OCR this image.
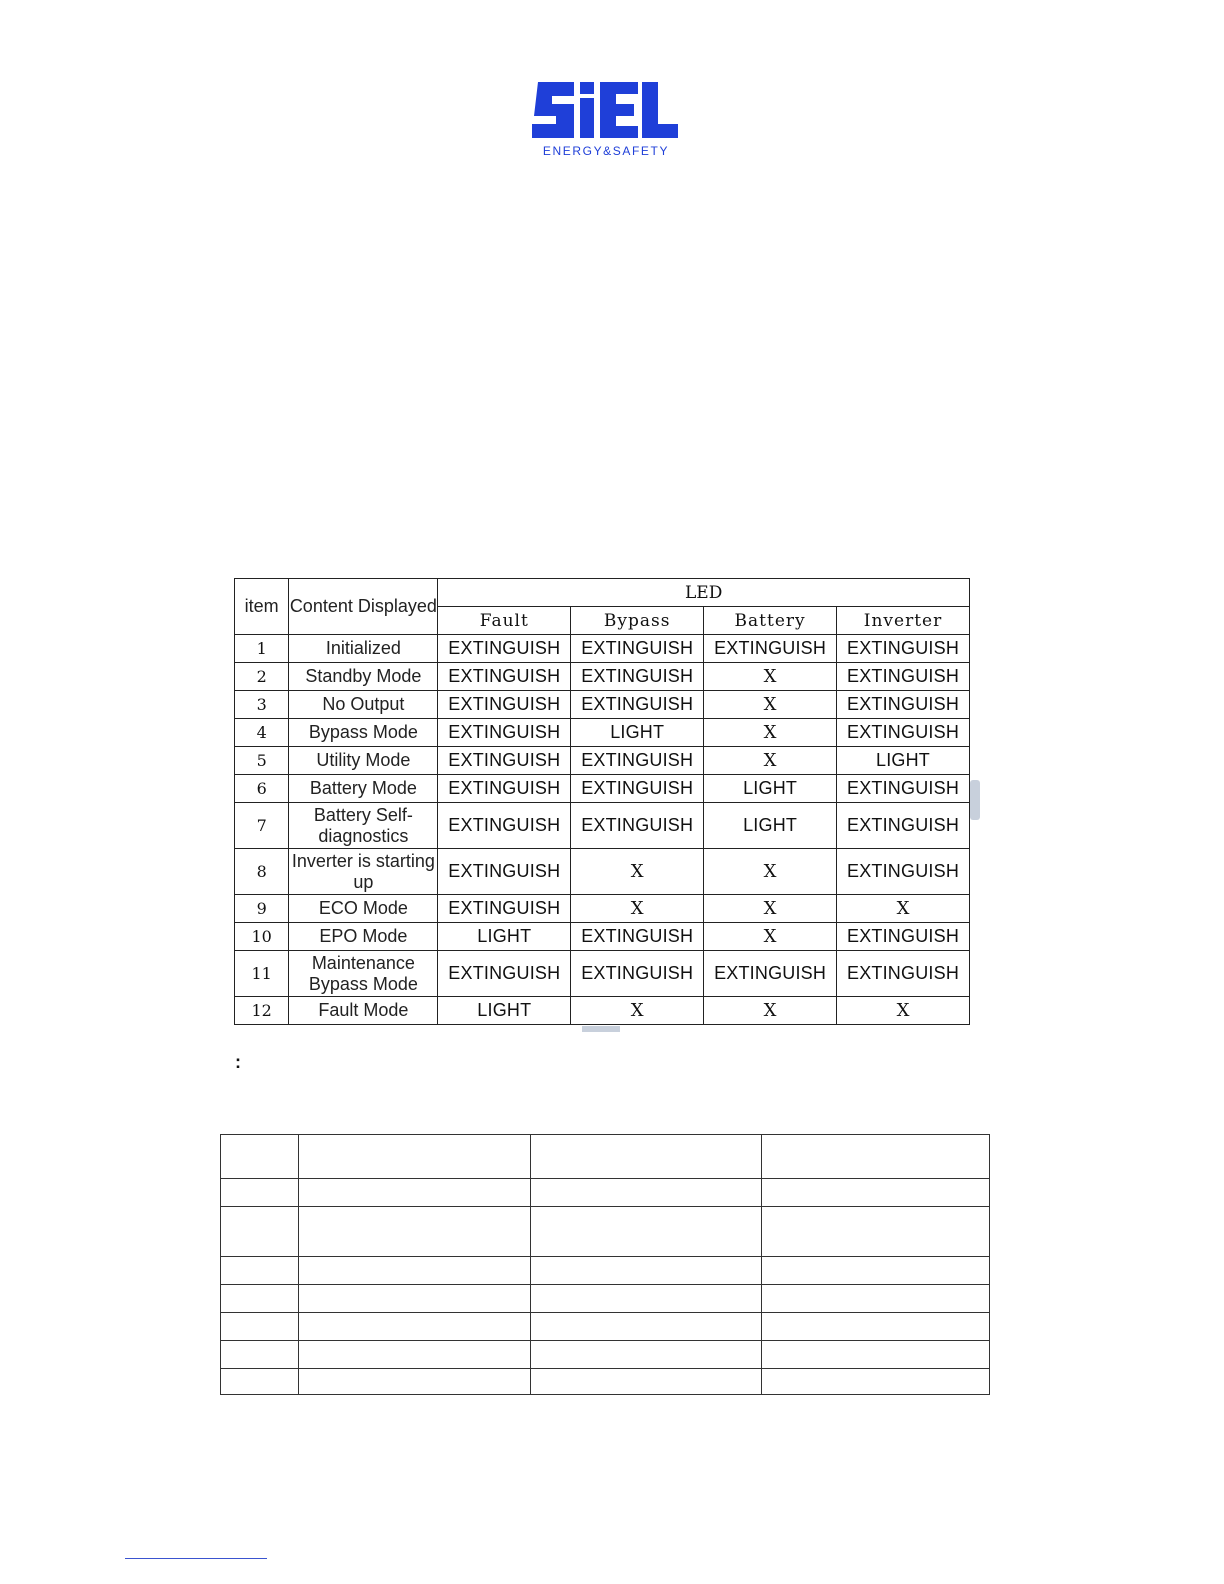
ENERGY&SAFETY
item	Content Displayed	LED			
		Fault	Bypass	Battery	Inverter
1	Initialized	EXTINGUISH	EXTINGUISH	EXTINGUISH	EXTINGUISH
2	Standby Mode	EXTINGUISH	EXTINGUISH	X	EXTINGUISH
3	No Output	EXTINGUISH	EXTINGUISH	X	EXTINGUISH
4	Bypass Mode	EXTINGUISH	LIGHT	X	EXTINGUISH
5	Utility Mode	EXTINGUISH	EXTINGUISH	X	LIGHT
6	Battery Mode	EXTINGUISH	EXTINGUISH	LIGHT	EXTINGUISH
7	Battery Self-diagnostics	EXTINGUISH	EXTINGUISH	LIGHT	EXTINGUISH
8	Inverter is starting up	EXTINGUISH	X	X	EXTINGUISH
9	ECO Mode	EXTINGUISH	X	X	X
10	EPO Mode	LIGHT	EXTINGUISH	X	EXTINGUISH
11	Maintenance Bypass Mode	EXTINGUISH	EXTINGUISH	EXTINGUISH	EXTINGUISH
12	Fault Mode	LIGHT	X	X	X
:
